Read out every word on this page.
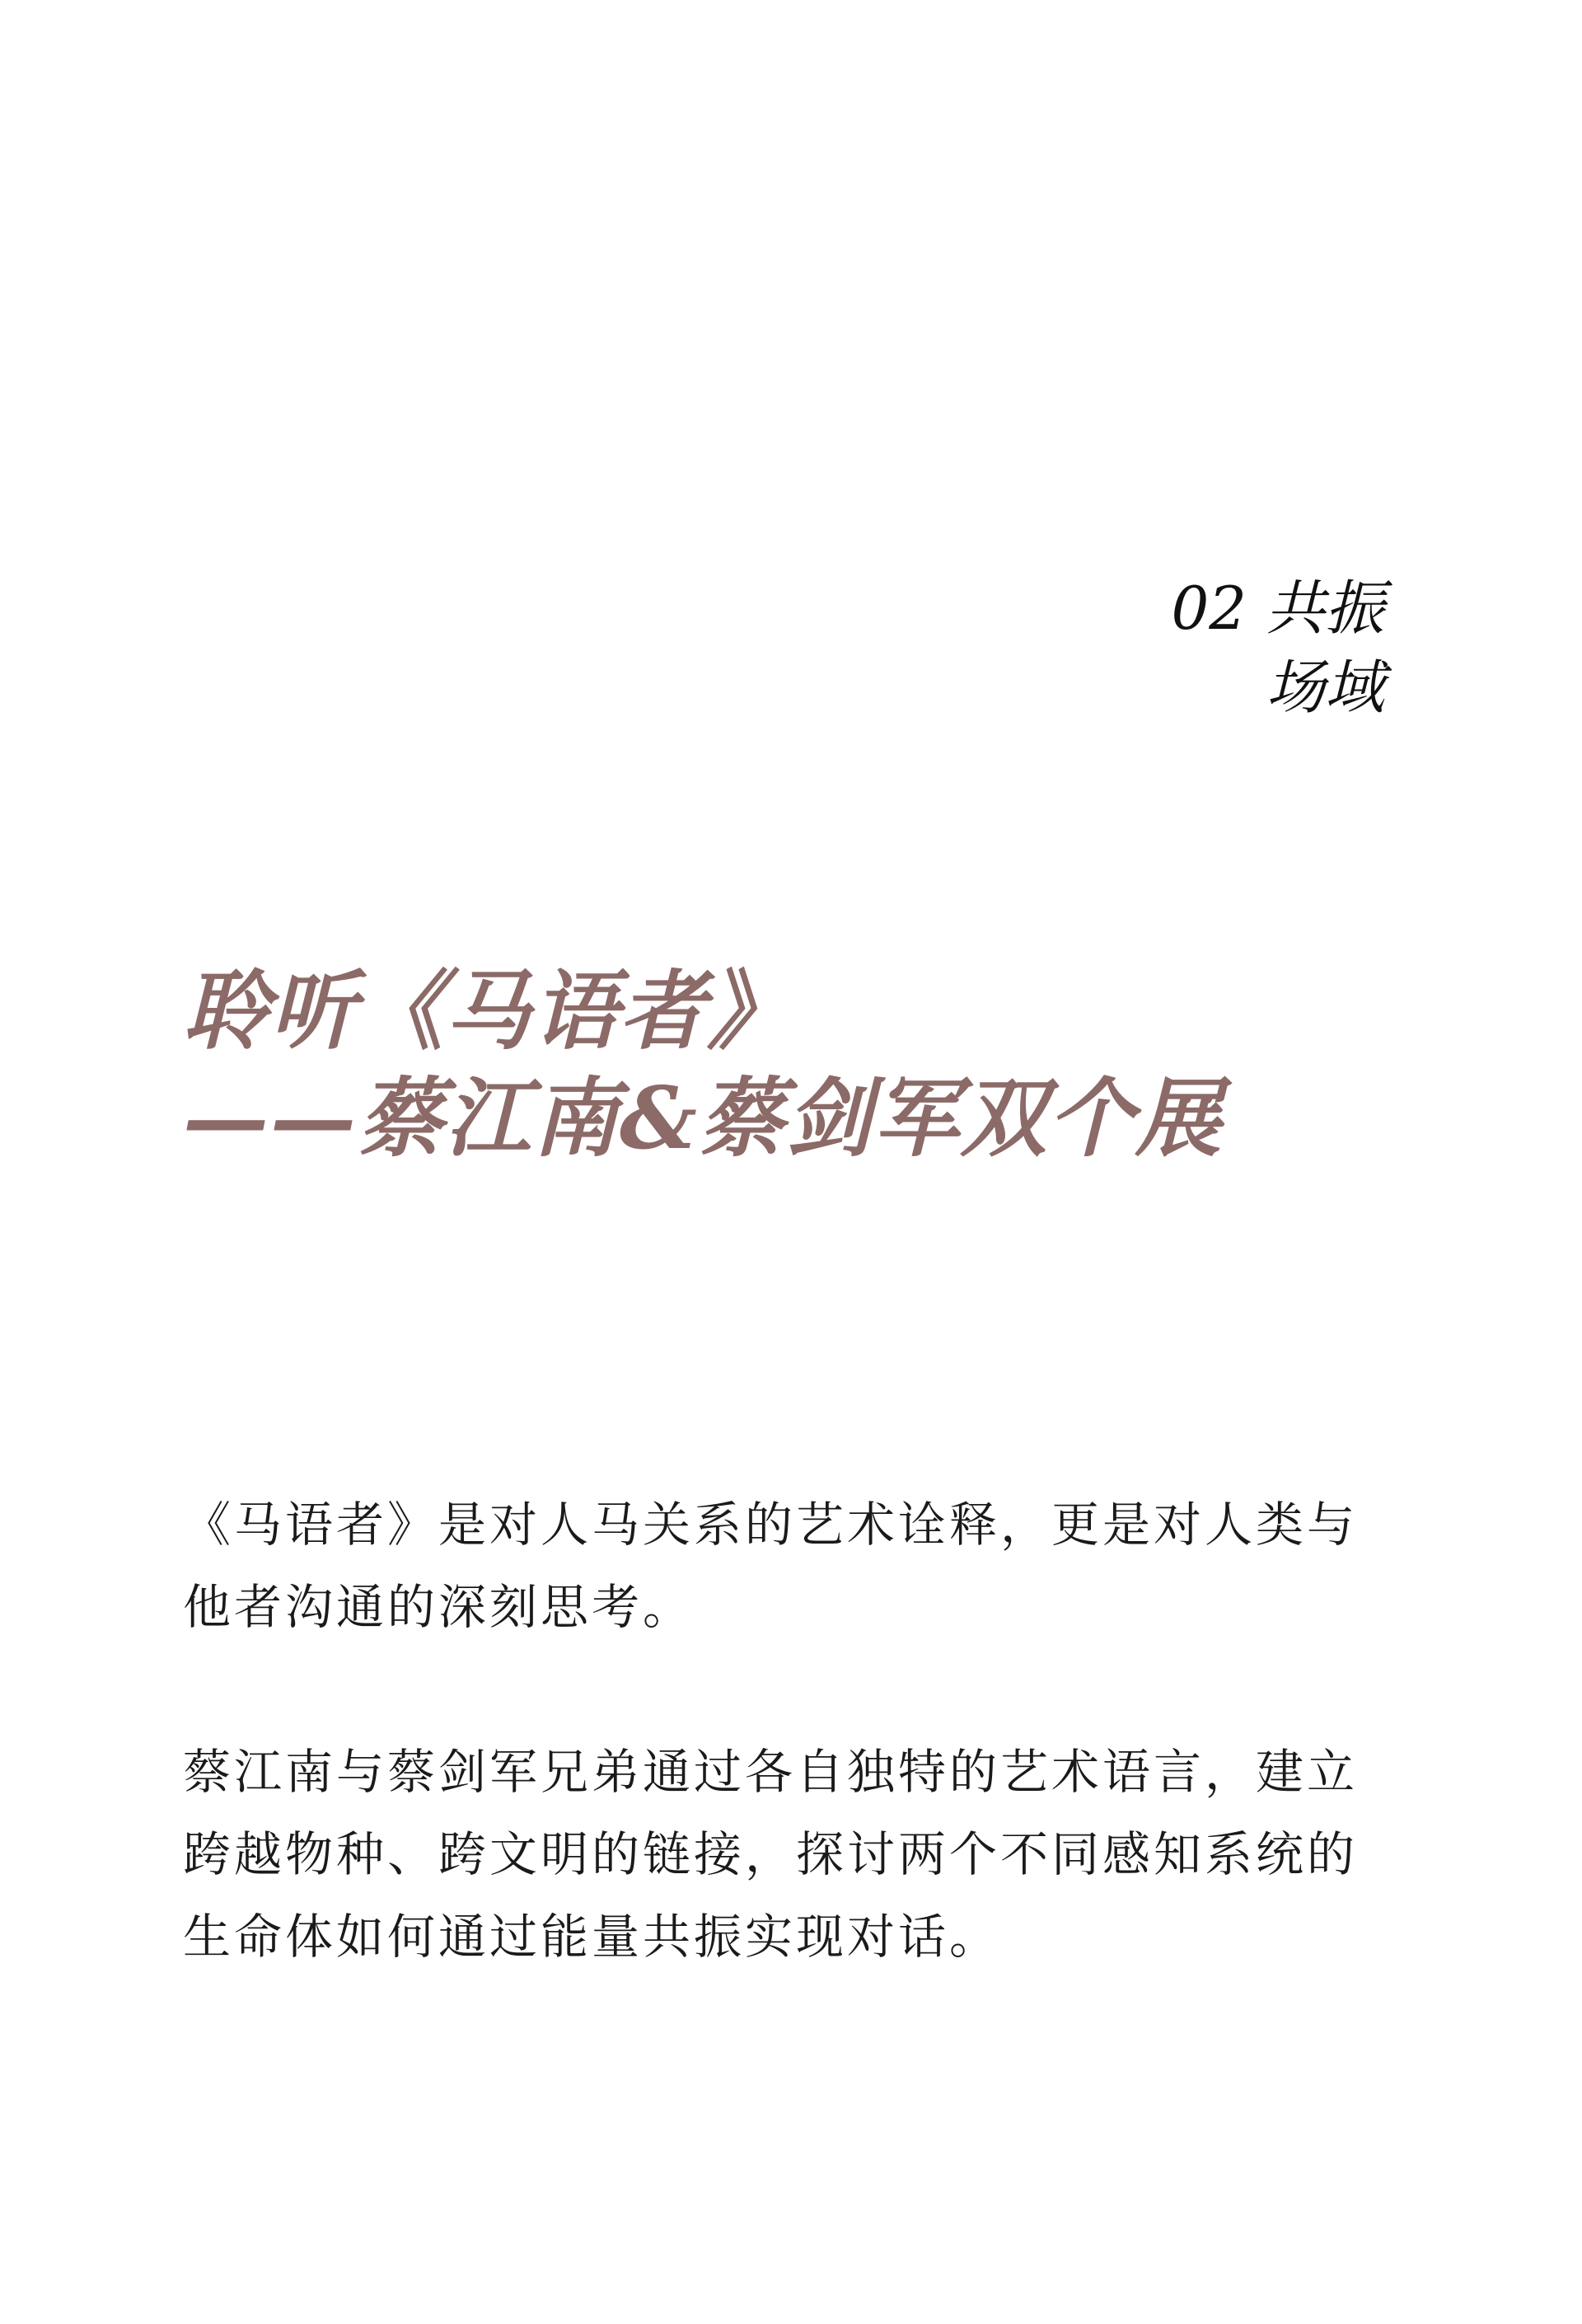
02 共振
场域
聆听《马语者》
——蔡江南&蔡剑军双个展

《马语者》是对人马关系的艺术诠释，更是对人类与他者沟通的深刻思考。

蔡江南与蔡剑军兄弟通过各自独特的艺术语言，建立跨越物种、跨文明的链接，探讨两个不同感知系统的生命体如何通过能量共振实现对话。
